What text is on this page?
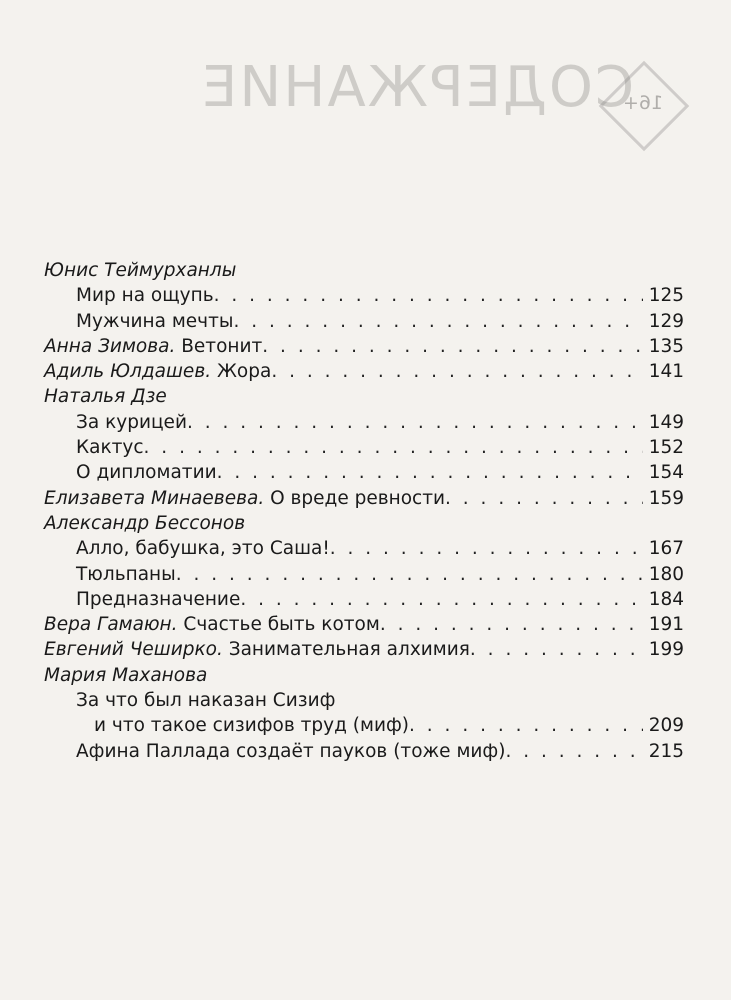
СОДЕРЖАНИЕ
16+
Юнис Теймурханлы
Мир на ощупь . . .	125
Мужчина мечты . . .	129
Анна Зимова. Ветонит . . .	135
Адиль Юлдашев. Жора . . .	141
Наталья Дзе
За курицей . . .	149
Кактус . . .	152
О дипломатии . . .	154
Елизавета Минаевева. О вреде ревности . . .	159
Александр Бессонов
Алло, бабушка, это Саша! . . .	167
Тюльпаны . . .	180
Предназначение . . .	184
Вера Гамаюн. Счастье быть котом . . .	191
Евгений Чеширко. Занимательная алхимия . . .	199
Мария Маханова
За что был наказан Сизиф
и что такое сизифов труд (миф) . . .	209
Афина Паллада создаёт пауков (тоже миф) . . .	215
